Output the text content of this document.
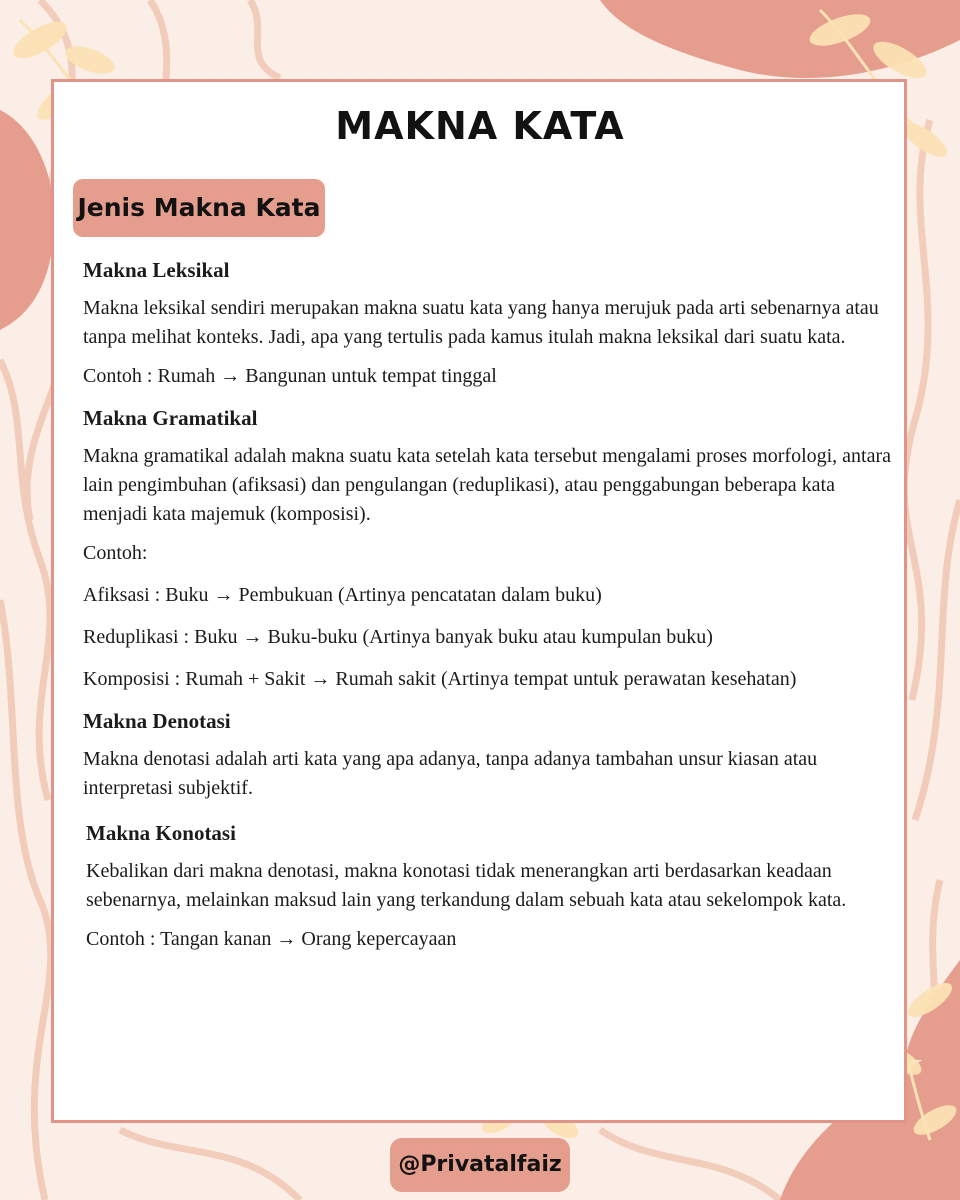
MAKNA KATA
Jenis Makna Kata
Makna Leksikal

Makna leksikal sendiri merupakan makna suatu kata yang hanya merujuk pada arti sebenarnya atau tanpa melihat konteks. Jadi, apa yang tertulis pada kamus itulah makna leksikal dari suatu kata.

Contoh : Rumah → Bangunan untuk tempat tinggal

Makna Gramatikal

Makna gramatikal adalah makna suatu kata setelah kata tersebut mengalami proses morfologi, antara lain pengimbuhan (afiksasi) dan pengulangan (reduplikasi), atau penggabungan beberapa kata menjadi kata majemuk (komposisi).

Contoh:

Afiksasi : Buku → Pembukuan (Artinya pencatatan dalam buku)

Reduplikasi : Buku → Buku-buku (Artinya banyak buku atau kumpulan buku)

Komposisi : Rumah + Sakit → Rumah sakit (Artinya tempat untuk perawatan kesehatan)

Makna Denotasi

Makna denotasi adalah arti kata yang apa adanya, tanpa adanya tambahan unsur kiasan atau interpretasi subjektif.

Makna Konotasi

Kebalikan dari makna denotasi, makna konotasi tidak menerangkan arti berdasarkan keadaan sebenarnya, melainkan maksud lain yang terkandung dalam sebuah kata atau sekelompok kata.

Contoh : Tangan kanan → Orang kepercayaan

@Privatalfaiz
